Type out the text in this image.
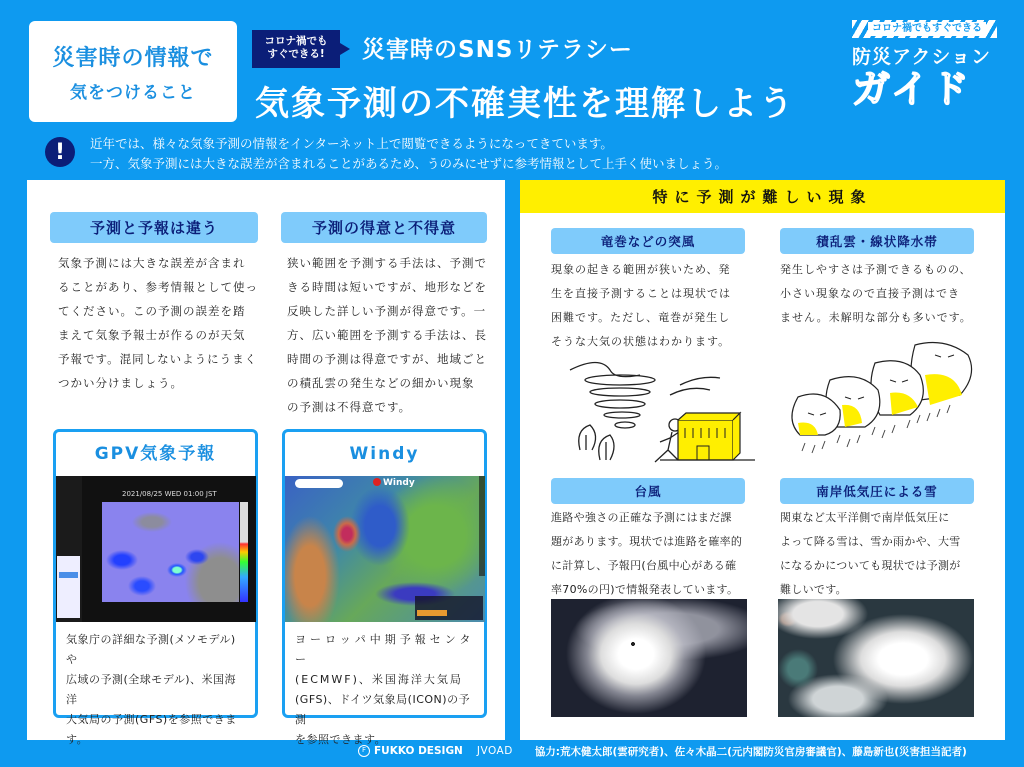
災害時の情報で
気をつけること
コロナ禍でも
すぐできる!	災害時のSNSリテラシー
気象予測の不確実性を理解しよう
コロナ禍でもすぐできる
防災アクション
ガイド
!	近年では、様々な気象予測の情報をインターネット上で閲覧できるようになってきています。
一方、気象予測には大きな誤差が含まれることがあるため、うのみにせずに参考情報として上手く使いましょう。
予測と予報は違う
気象予測には大きな誤差が含まれ
ることがあり、参考情報として使っ
てください。この予測の誤差を踏
まえて気象予報士が作るのが天気
予報です。混同しないようにうまく
つかい分けましょう。
予測の得意と不得意
狭い範囲を予測する手法は、予測で
きる時間は短いですが、地形などを
反映した詳しい予測が得意です。一
方、広い範囲を予測する手法は、長
時間の予測は得意ですが、地域ごと
の積乱雲の発生などの細かい現象
の予測は不得意です。
GPV気象予報
2021/08/25 WED 01:00 JST
気象庁の詳細な予測(メソモデル)や
広域の予測(全球モデル)、米国海洋
大気局の予測(GFS)を参照できま
す。
Windy
Windy
ヨーロッパ中期予報センター
(ECMWF)、米国海洋大気局
(GFS)、ドイツ気象局(ICON)の予測
を参照できます。
特に予測が難しい現象
竜巻などの突風
現象の起きる範囲が狭いため、発
生を直接予測することは現状では
困難です。ただし、竜巻が発生し
そうな大気の状態はわかります。
積乱雲・線状降水帯
発生しやすさは予測できるものの、
小さい現象なので直接予測はでき
ません。未解明な部分も多いです。
台風
進路や強さの正確な予測にはまだ課
題があります。現状では進路を確率的
に計算し、予報円(台風中心がある確
率70%の円)で情報発表しています。
南岸低気圧による雪
関東など太平洋側で南岸低気圧に
よって降る雪は、雪か雨かや、大雪
になるかについても現状では予測が
難しいです。
F FUKKO DESIGN JVOAD 協力:荒木健太郎(雲研究者)、佐々木晶二(元内閣防災官房審議官)、藤島新也(災害担当記者)
